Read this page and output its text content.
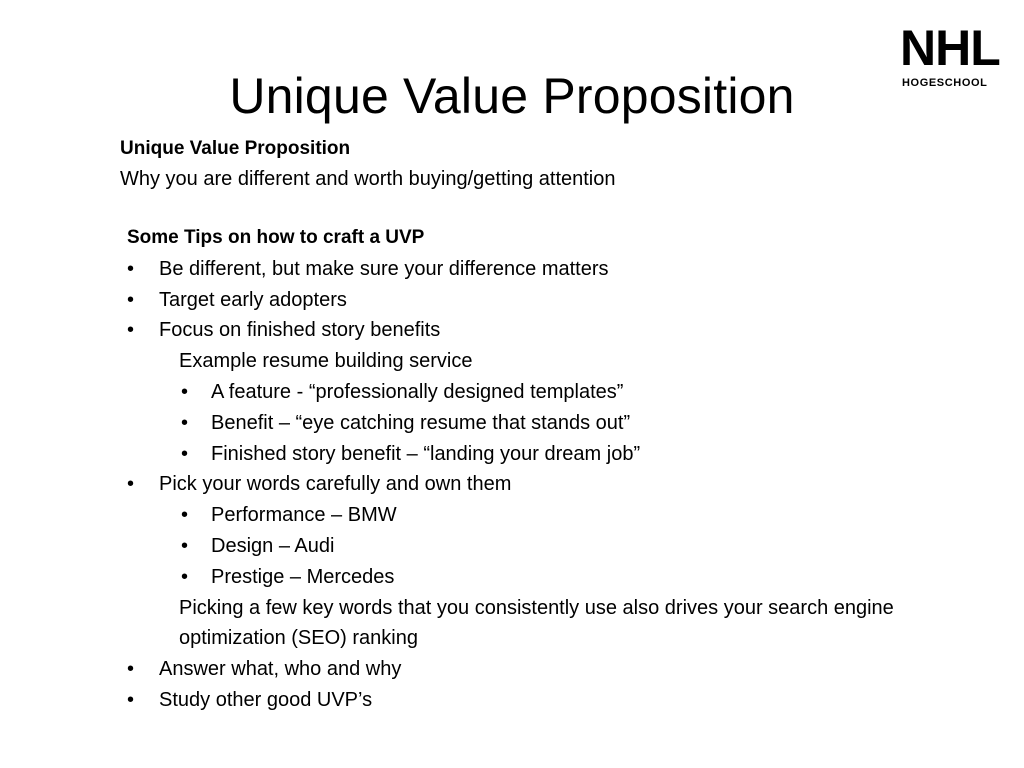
NHL
HOGESCHOOL
Unique Value Proposition
Unique Value Proposition
Why you are different and worth buying/getting attention

Some Tips on how to craft a UVP

• Be different, but make sure your difference matters

• Target early adopters

• Focus on finished story benefits

Example resume building service

• A feature - “professionally designed templates”

• Benefit – “eye catching resume that stands out”

• Finished story benefit – “landing your dream job”

• Pick your words carefully and own them

• Performance – BMW

• Design – Audi

• Prestige – Mercedes

Picking a few key words that you consistently use also drives your search engine optimization (SEO) ranking

• Answer what, who and why

• Study other good UVP’s
